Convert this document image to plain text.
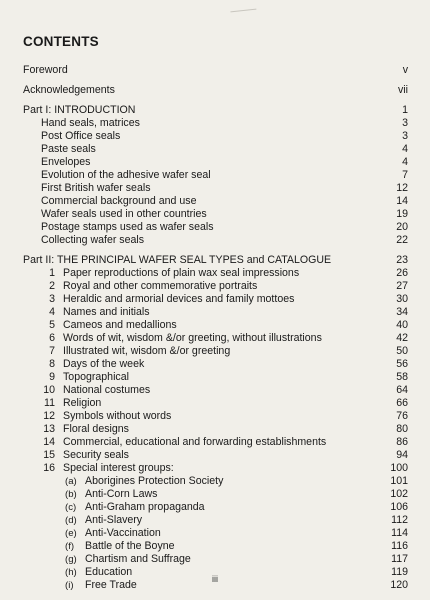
CONTENTS
Foreword	v
Acknowledgements	vii
Part I: INTRODUCTION	1
Hand seals, matrices	3
Post Office seals	3
Paste seals	4
Envelopes	4
Evolution of the adhesive wafer seal	7
First British wafer seals	12
Commercial background and use	14
Wafer seals used in other countries	19
Postage stamps used as wafer seals	20
Collecting wafer seals	22
Part II: THE PRINCIPAL WAFER SEAL TYPES and CATALOGUE	23
1 Paper reproductions of plain wax seal impressions	26
2 Royal and other commemorative portraits	27
3 Heraldic and armorial devices and family mottoes	30
4 Names and initials	34
5 Cameos and medallions	40
6 Words of wit, wisdom &/or greeting, without illustrations	42
7 Illustrated wit, wisdom &/or greeting	50
8 Days of the week	56
9 Topographical	58
10 National costumes	64
11 Religion	66
12 Symbols without words	76
13 Floral designs	80
14 Commercial, educational and forwarding establishments	86
15 Security seals	94
16 Special interest groups:	100
(a) Aborigines Protection Society	101
(b) Anti-Corn Laws	102
(c) Anti-Graham propaganda	106
(d) Anti-Slavery	112
(e) Anti-Vaccination	114
(f)	Battle of the Boyne	116
(g) Chartism and Suffrage	117
(h) Education	119
(i)	Free Trade	120
iii
